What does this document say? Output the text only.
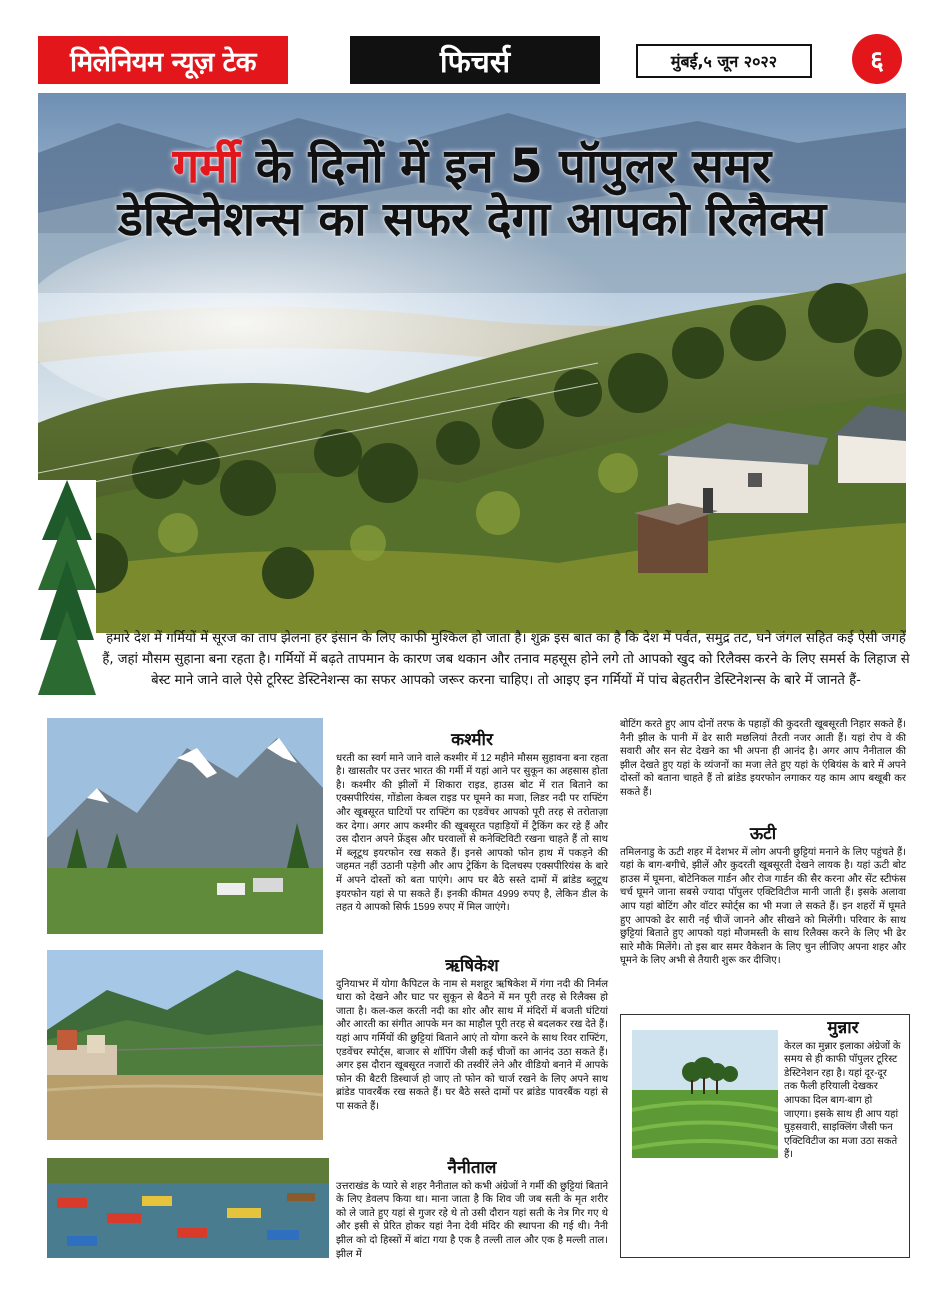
मिलेनियम न्यूज़ टेक	फिचर्स	मुंबई,५ जून २०२२	६
गर्मी के दिनों में इन 5 पॉपुलर समर
डेस्टिनेशन्स का सफर देगा आपको रिलैक्स
हमारे देश में गर्मियों में सूरज का ताप झेलना हर इंसान के लिए काफी मुश्किल हो जाता है। शुक्र इस बात का है कि देश में पर्वत, समुद्र तट, घने जंगल सहित कई ऐसी जगहें हैं, जहां मौसम सुहाना बना रहता है। गर्मियों में बढ़ते तापमान के कारण जब थकान और तनाव महसूस होने लगे तो आपको खुद को रिलैक्स करने के लिए समर्स के लिहाज से बेस्ट माने जाने वाले ऐसे टूरिस्ट डेस्टिनेशन्स का सफर आपको जरूर करना चाहिए। तो आइए इन गर्मियों में पांच बेहतरीन डेस्टिनेशन्स के बारे में जानते हैं-
कश्मीर

धरती का स्वर्ग माने जाने वाले कश्मीर में 12 महीने मौसम सुहावना बना रहता है। खासतौर पर उत्तर भारत की गर्मी में यहां आने पर सुकून का अहसास होता है। कश्मीर की झीलों में शिकारा राइड, हाउस बोट में रात बिताने का एक्सपीरियंस, गोंडोला केबल राइड पर घूमने का मजा, लिडर नदी पर राफ्टिंग और खूबसूरत घाटियों पर राफ्टिंग का एडवेंचर आपको पूरी तरह से तरोताज़ा कर देगा। अगर आप कश्मीर की खूबसूरत पहाड़ियों में ट्रैकिंग कर रहे हैं और उस दौरान अपने फ्रेंड्स और घरवालों से कनेक्टिविटी रखना चाहते हैं तो साथ में ब्लूटूथ इयरफोन रख सकते हैं। इनसे आपको फोन हाथ में पकड़ने की जहमत नहीं उठानी पड़ेगी और आप ट्रेकिंग के दिलचस्प एक्सपीरियंस के बारे में अपने दोस्तों को बता पाएंगे। आप घर बैठे सस्ते दामों में ब्रांडेड ब्लूटूथ इयरफोन यहां से पा सकते हैं। इनकी कीमत 4999 रुपए है, लेकिन डील के तहत ये आपको सिर्फ 1599 रुपए में मिल जाएंगे।

ऋषिकेश

दुनियाभर में योगा कैपिटल के नाम से मशहूर ऋषिकेश में गंगा नदी की निर्मल धारा को देखने और घाट पर सुकून से बैठने में मन पूरी तरह से रिलैक्स हो जाता है। कल-कल करती नदी का शोर और साथ में मंदिरों में बजती घंटियां और आरती का संगीत आपके मन का माहौल पूरी तरह से बदलकर रख देते हैं। यहां आप गर्मियों की छुट्टियां बिताने आएं तो योगा करने के साथ रिवर राफ्टिंग, एडवेंचर स्पोर्ट्स, बाजार से शॉपिंग जैसी कई चीजों का आनंद उठा सकते हैं। अगर इस दौरान खूबसूरत नजारों की तस्वीरें लेने और वीडियो बनाने में आपके फोन की बैटरी डिस्चार्ज हो जाए तो फोन को चार्ज रखने के लिए अपने साथ ब्रांडेड पावरबैंक रख सकते हैं। घर बैठे सस्ते दामों पर ब्रांडेड पावरबैंक यहां से पा सकते हैं।

नैनीताल

उत्तराखंड के प्यारे से शहर नैनीताल को कभी अंग्रेजों ने गर्मी की छुट्टियां बिताने के लिए डेवलप किया था। माना जाता है कि शिव जी जब सती के मृत शरीर को ले जाते हुए यहां से गुजर रहे थे तो उसी दौरान यहां सती के नेत्र गिर गए थे और इसी से प्रेरित होकर यहां नैना देवी मंदिर की स्थापना की गई थी। नैनी झील को दो हिस्सों में बांटा गया है एक है तल्ली ताल और एक है मल्ली ताल। झील में

बोटिंग करते हुए आप दोनों तरफ के पहाड़ों की कुदरती खूबसूरती निहार सकते हैं। नैनी झील के पानी में ढेर सारी मछलियां तैरती नजर आती हैं। यहां रोप वे की सवारी और सन सेट देखने का भी अपना ही आनंद है। अगर आप नैनीताल की झील देखते हुए यहां के व्यंजनों का मजा लेते हुए यहां के एंबियंस के बारे में अपने दोस्तों को बताना चाहते हैं तो ब्रांडेड इयरफोन लगाकर यह काम आप बखूबी कर सकते हैं।

ऊटी

तमिलनाडु के ऊटी शहर में देशभर में लोग अपनी छुट्टियां मनाने के लिए पहुंचते हैं। यहां के बाग-बगीचे, झीलें और कुदरती खूबसूरती देखने लायक है। यहां ऊटी बोट हाउस में घूमना, बोटेनिकल गार्डन और रोज गार्डन की सैर करना और सेंट स्टीफंस चर्च घूमने जाना सबसे ज्यादा पॉपुलर एक्टिविटीज मानी जाती हैं। इसके अलावा आप यहां बोटिंग और वॉटर स्पोर्ट्स का भी मजा ले सकते हैं। इन शहरों में घूमते हुए आपको ढेर सारी नई चीजें जानने और सीखने को मिलेंगी। परिवार के साथ छुट्टियां बिताते हुए आपको यहां मौजमस्ती के साथ रिलैक्स करने के लिए भी ढेर सारे मौके मिलेंगे। तो इस बार समर वैकेशन के लिए चुन लीजिए अपना शहर और घूमने के लिए अभी से तैयारी शुरू कर दीजिए।

मुन्नार

केरल का मुन्नार इलाका अंग्रेजों के समय से ही काफी पॉपुलर टूरिस्ट डेस्टिनेशन रहा है। यहां दूर-दूर तक फैली हरियाली देखकर आपका दिल बाग-बाग हो जाएगा। इसके साथ ही आप यहां घुड़सवारी, साइक्लिंग जैसी फन एक्टिविटीज का मजा उठा सकते हैं।
